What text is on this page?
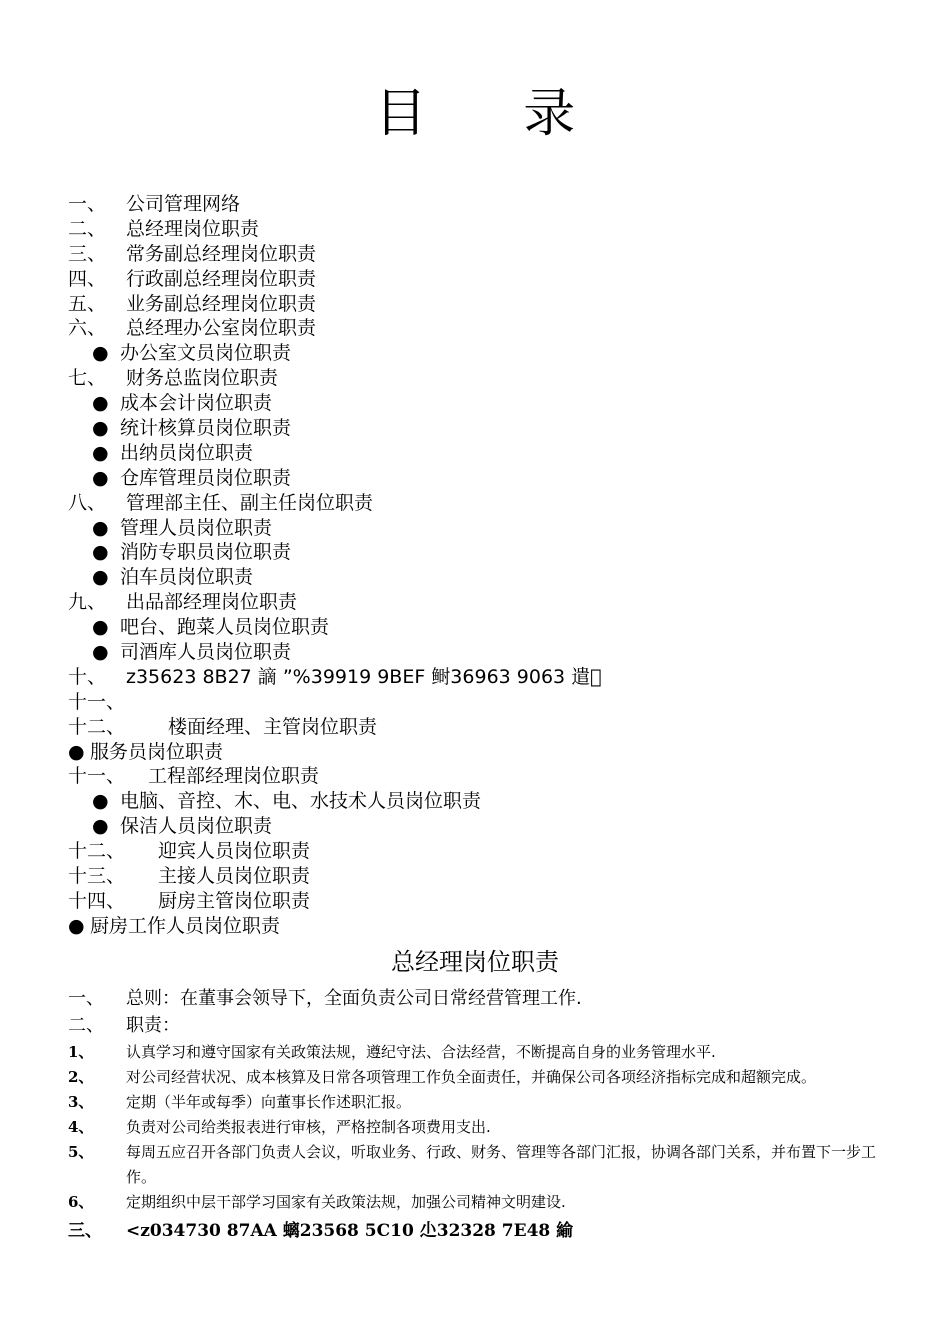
目 录
一、 公司管理网络
二、 总经理岗位职责
三、 常务副总经理岗位职责
四、 行政副总经理岗位职责
五、 业务副总经理岗位职责
六、 总经理办公室岗位职责
● 办公室文员岗位职责
七、 财务总监岗位职责
● 成本会计岗位职责
● 统计核算员岗位职责
● 出纳员岗位职责
● 仓库管理员岗位职责
八、 管理部主任、副主任岗位职责
● 管理人员岗位职责
● 消防专职员岗位职责
● 泊车员岗位职责
九、 出品部经理岗位职责
● 吧台、跑菜人员岗位职责
● 司酒库人员岗位职责
十、 z35623 8B27 謫 ”%39919 9BEF 鲥36963 9063 遣 
十一、
十二、 楼面经理、主管岗位职责
● 服务员岗位职责
十一、 工程部经理岗位职责
● 电脑、音控、木、电、水技术人员岗位职责
● 保洁人员岗位职责
十二、 迎宾人员岗位职责
十三、 主接人员岗位职责
十四、 厨房主管岗位职责
● 厨房工作人员岗位职责
总经理岗位职责
一、 总则：在董事会领导下，全面负责公司日常经营管理工作.
二、 职责：
1、	认真学习和遵守国家有关政策法规，遵纪守法、合法经营，不断提高自身的业务管理水平.
2、	对公司经营状况、成本核算及日常各项管理工作负全面责任，并确保公司各项经济指标完成和超额完成。
3、	定期（半年或每季）向董事长作述职汇报。
4、	负责对公司给类报表进行审核，严格控制各项费用支出.
5、	每周五应召开各部门负责人会议，听取业务、行政、财务、管理等各部门汇报，协调各部门关系，并布置下一步工作。
6、	定期组织中层干部学习国家有关政策法规，加强公司精神文明建设.
三、 <z034730 87AA 螭23568 5C10 尐32328 7E48 緰
